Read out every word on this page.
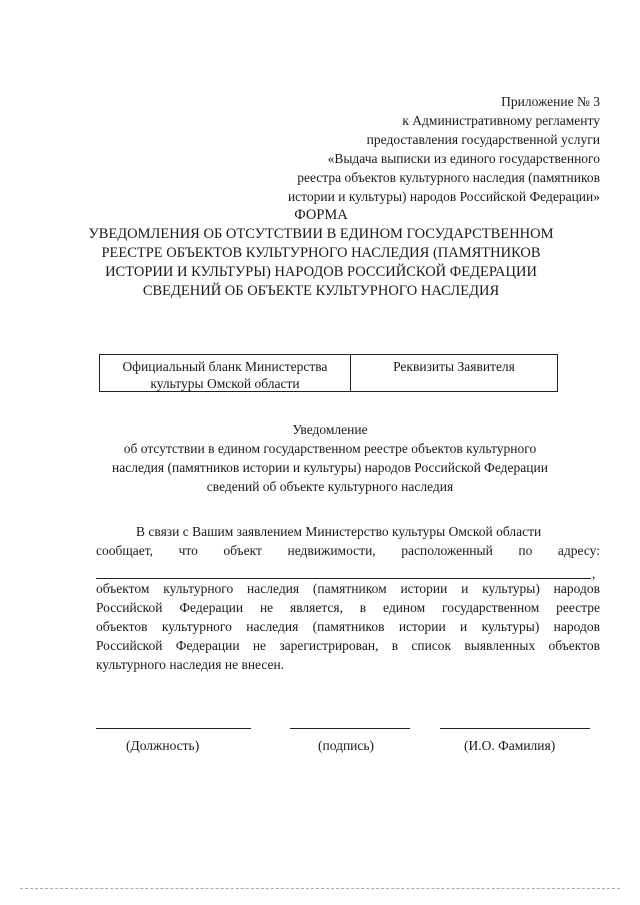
Приложение № 3
к Административному регламенту
предоставления государственной услуги
«Выдача выписки из единого государственного
реестра объектов культурного наследия (памятников
истории и культуры) народов Российской Федерации»
ФОРМА
УВЕДОМЛЕНИЯ ОБ ОТСУТСТВИИ В ЕДИНОМ ГОСУДАРСТВЕННОМ
РЕЕСТРЕ ОБЪЕКТОВ КУЛЬТУРНОГО НАСЛЕДИЯ (ПАМЯТНИКОВ
ИСТОРИИ И КУЛЬТУРЫ) НАРОДОВ РОССИЙСКОЙ ФЕДЕРАЦИИ
СВЕДЕНИЙ ОБ ОБЪЕКТЕ КУЛЬТУРНОГО НАСЛЕДИЯ
Официальный бланк Министерства
культуры Омской области
Реквизиты Заявителя
Уведомление
об отсутствии в едином государственном реестре объектов культурного
наследия (памятников истории и культуры) народов Российской Федерации
сведений об объекте культурного наследия
В связи с Вашим заявлением Министерство культуры Омской области
сообщает, что объект недвижимости, расположенный по адресу:
объектом культурного наследия (памятником истории и культуры) народов
Российской Федерации не является, в едином государственном реестре
объектов культурного наследия (памятников истории и культуры) народов
Российской Федерации не зарегистрирован, в список выявленных объектов
культурного наследия не внесен.
,
(Должность)	(подпись)	(И.О. Фамилия)
